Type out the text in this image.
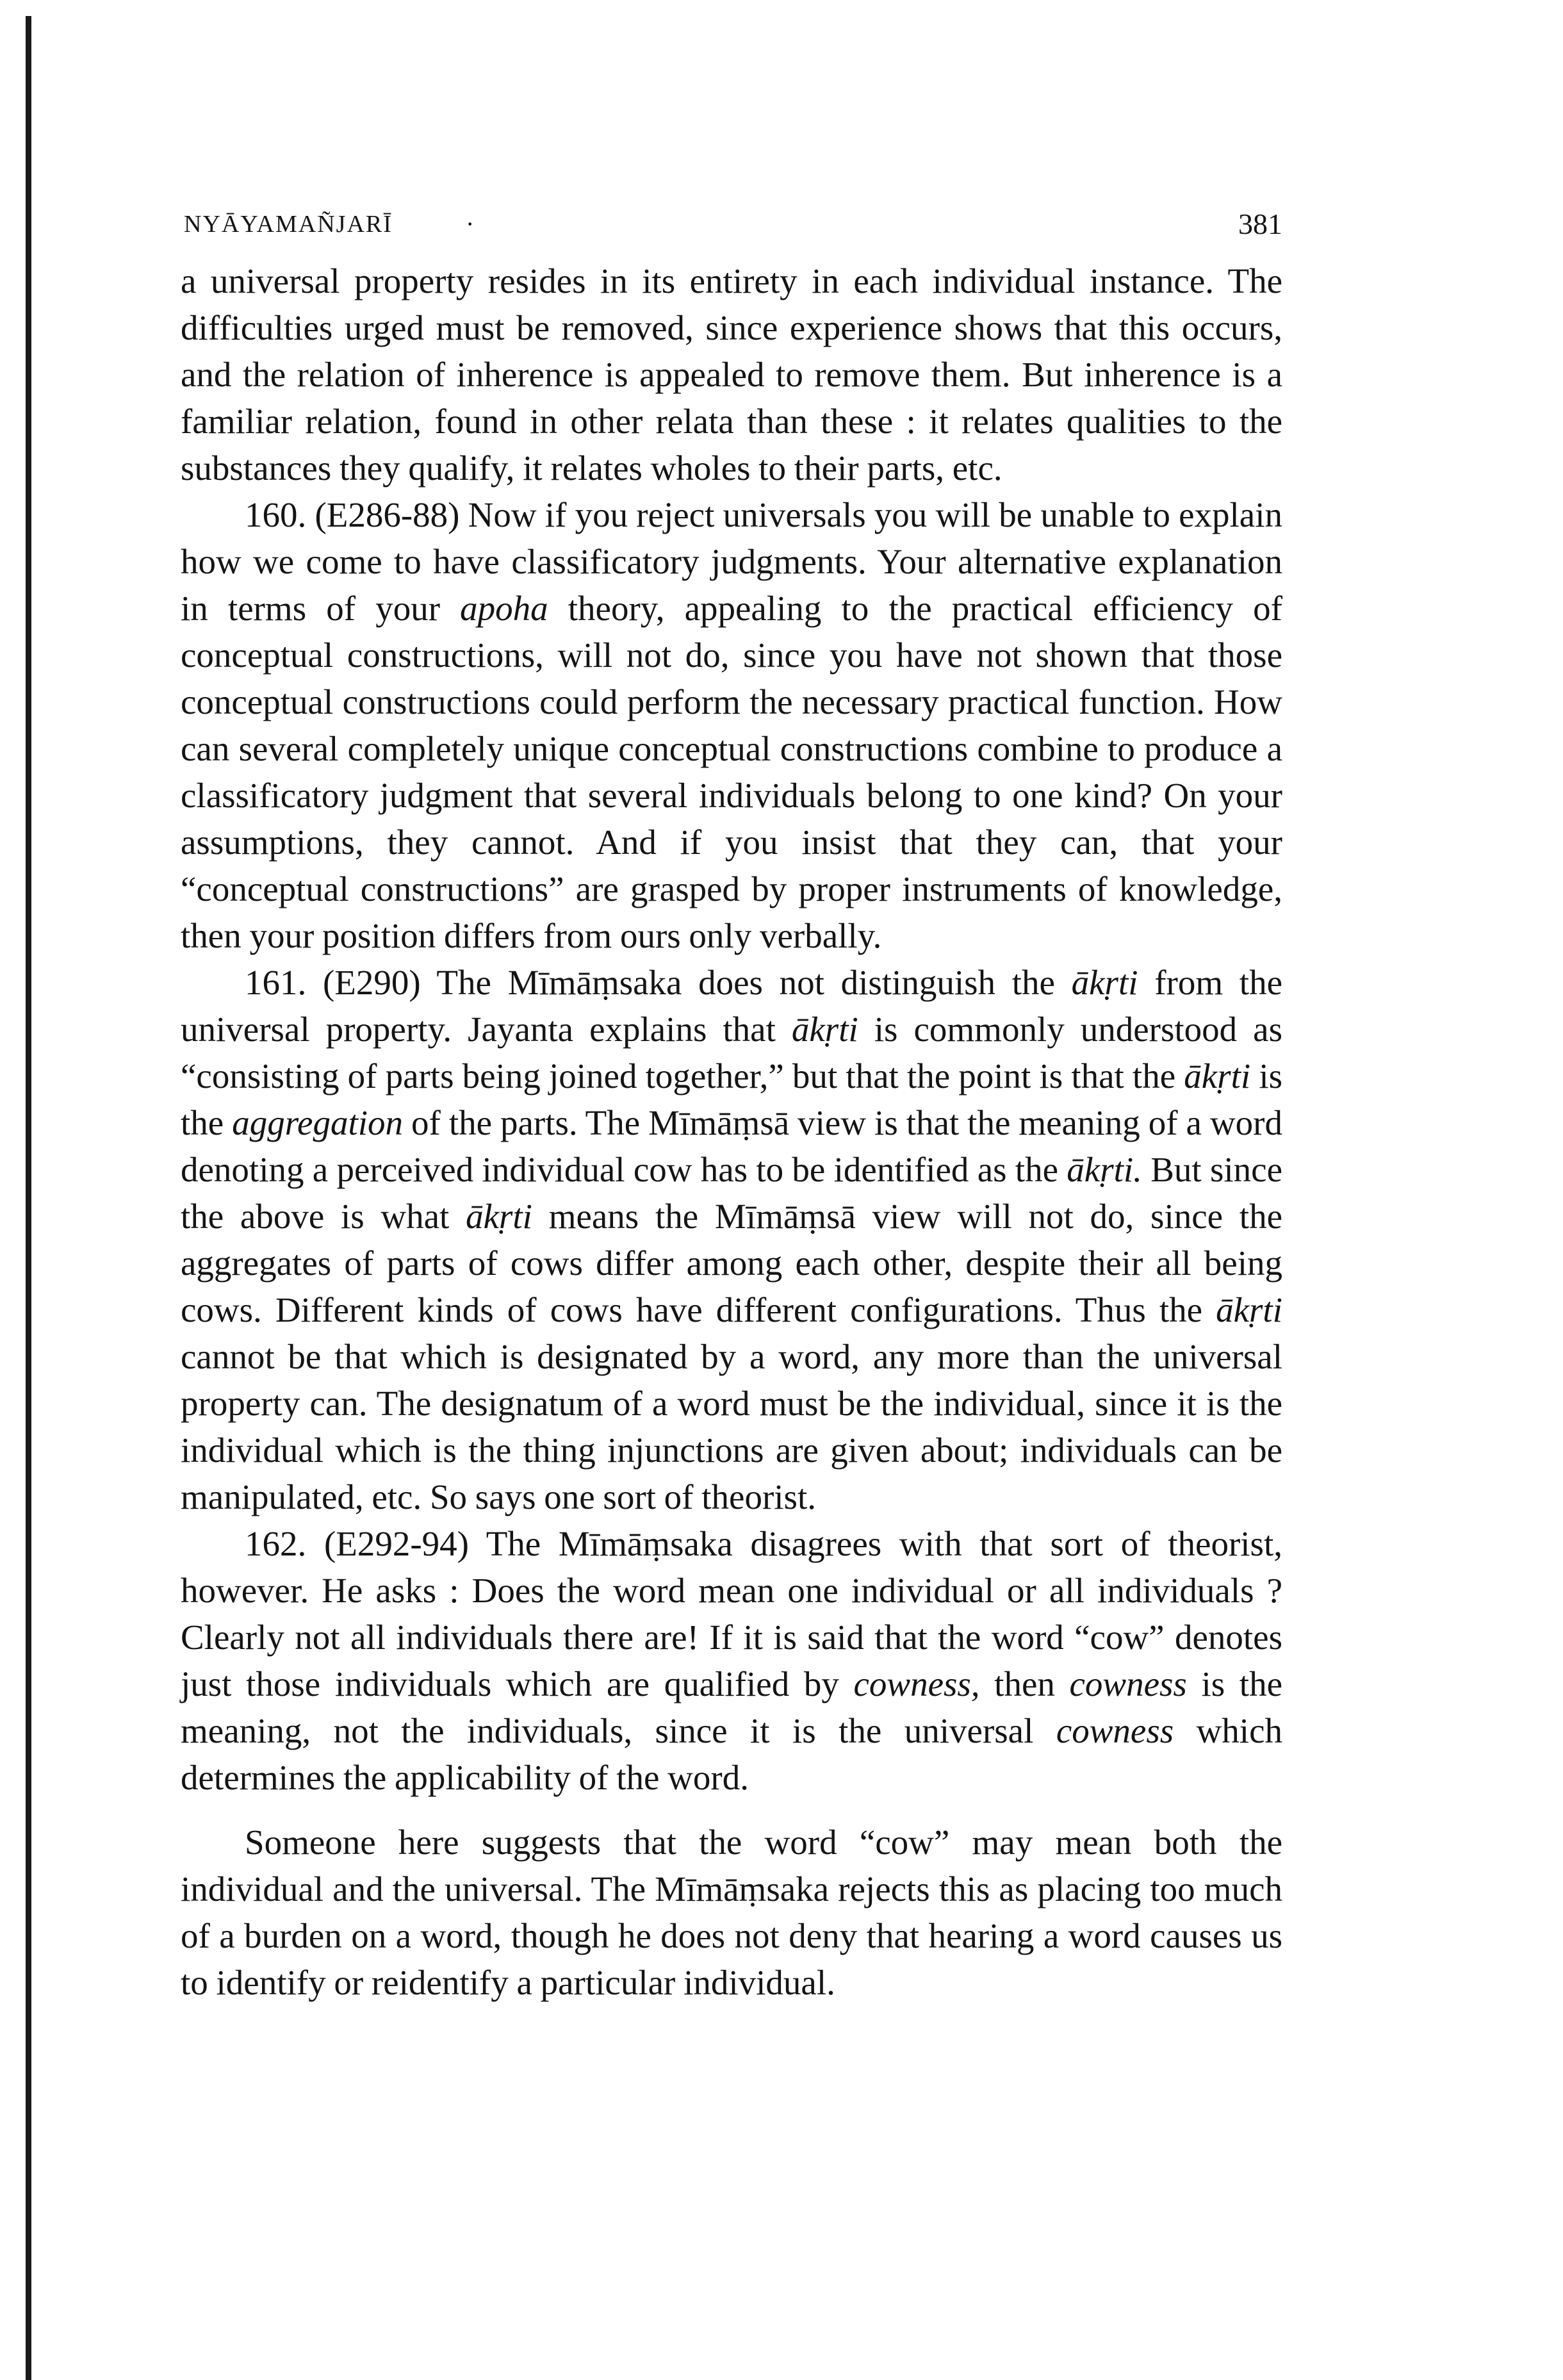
NYĀYAMAÑJARĪ	·	381

a universal property resides in its entirety in each individual instance. The difficulties urged must be removed, since experience shows that this occurs, and the relation of inherence is appealed to remove them. But inherence is a familiar relation, found in other relata than these : it relates qualities to the substances they qualify, it relates wholes to their parts, etc.

160. (E286-88) Now if you reject universals you will be unable to explain how we come to have classificatory judgments. Your alternative explanation in terms of your apoha theory, appealing to the practical efficiency of conceptual constructions, will not do, since you have not shown that those conceptual constructions could perform the necessary practical function. How can several completely unique conceptual constructions combine to produce a classificatory judgment that several individuals belong to one kind? On your assumptions, they cannot. And if you insist that they can, that your “conceptual constructions” are grasped by proper instruments of knowledge, then your position differs from ours only verbally.

161. (E290) The Mīmāṃsaka does not distinguish the ākṛti from the universal property. Jayanta explains that ākṛti is commonly understood as “consisting of parts being joined together,” but that the point is that the ākṛti is the aggregation of the parts. The Mīmāṃsā view is that the meaning of a word denoting a perceived individual cow has to be identified as the ākṛti. But since the above is what ākṛti means the Mīmāṃsā view will not do, since the aggregates of parts of cows differ among each other, despite their all being cows. Different kinds of cows have different configurations. Thus the ākṛti cannot be that which is designated by a word, any more than the universal property can. The designatum of a word must be the individual, since it is the individual which is the thing injunctions are given about; individuals can be manipulated, etc. So says one sort of theorist.

162. (E292-94) The Mīmāṃsaka disagrees with that sort of theorist, however. He asks : Does the word mean one individual or all individuals ? Clearly not all individuals there are! If it is said that the word “cow” denotes just those individuals which are qualified by cowness, then cowness is the meaning, not the individuals, since it is the universal cowness which determines the applicability of the word.

Someone here suggests that the word “cow” may mean both the individual and the universal. The Mīmāṃsaka rejects this as placing too much of a burden on a word, though he does not deny that hearing a word causes us to identify or reidentify a particular individual.
